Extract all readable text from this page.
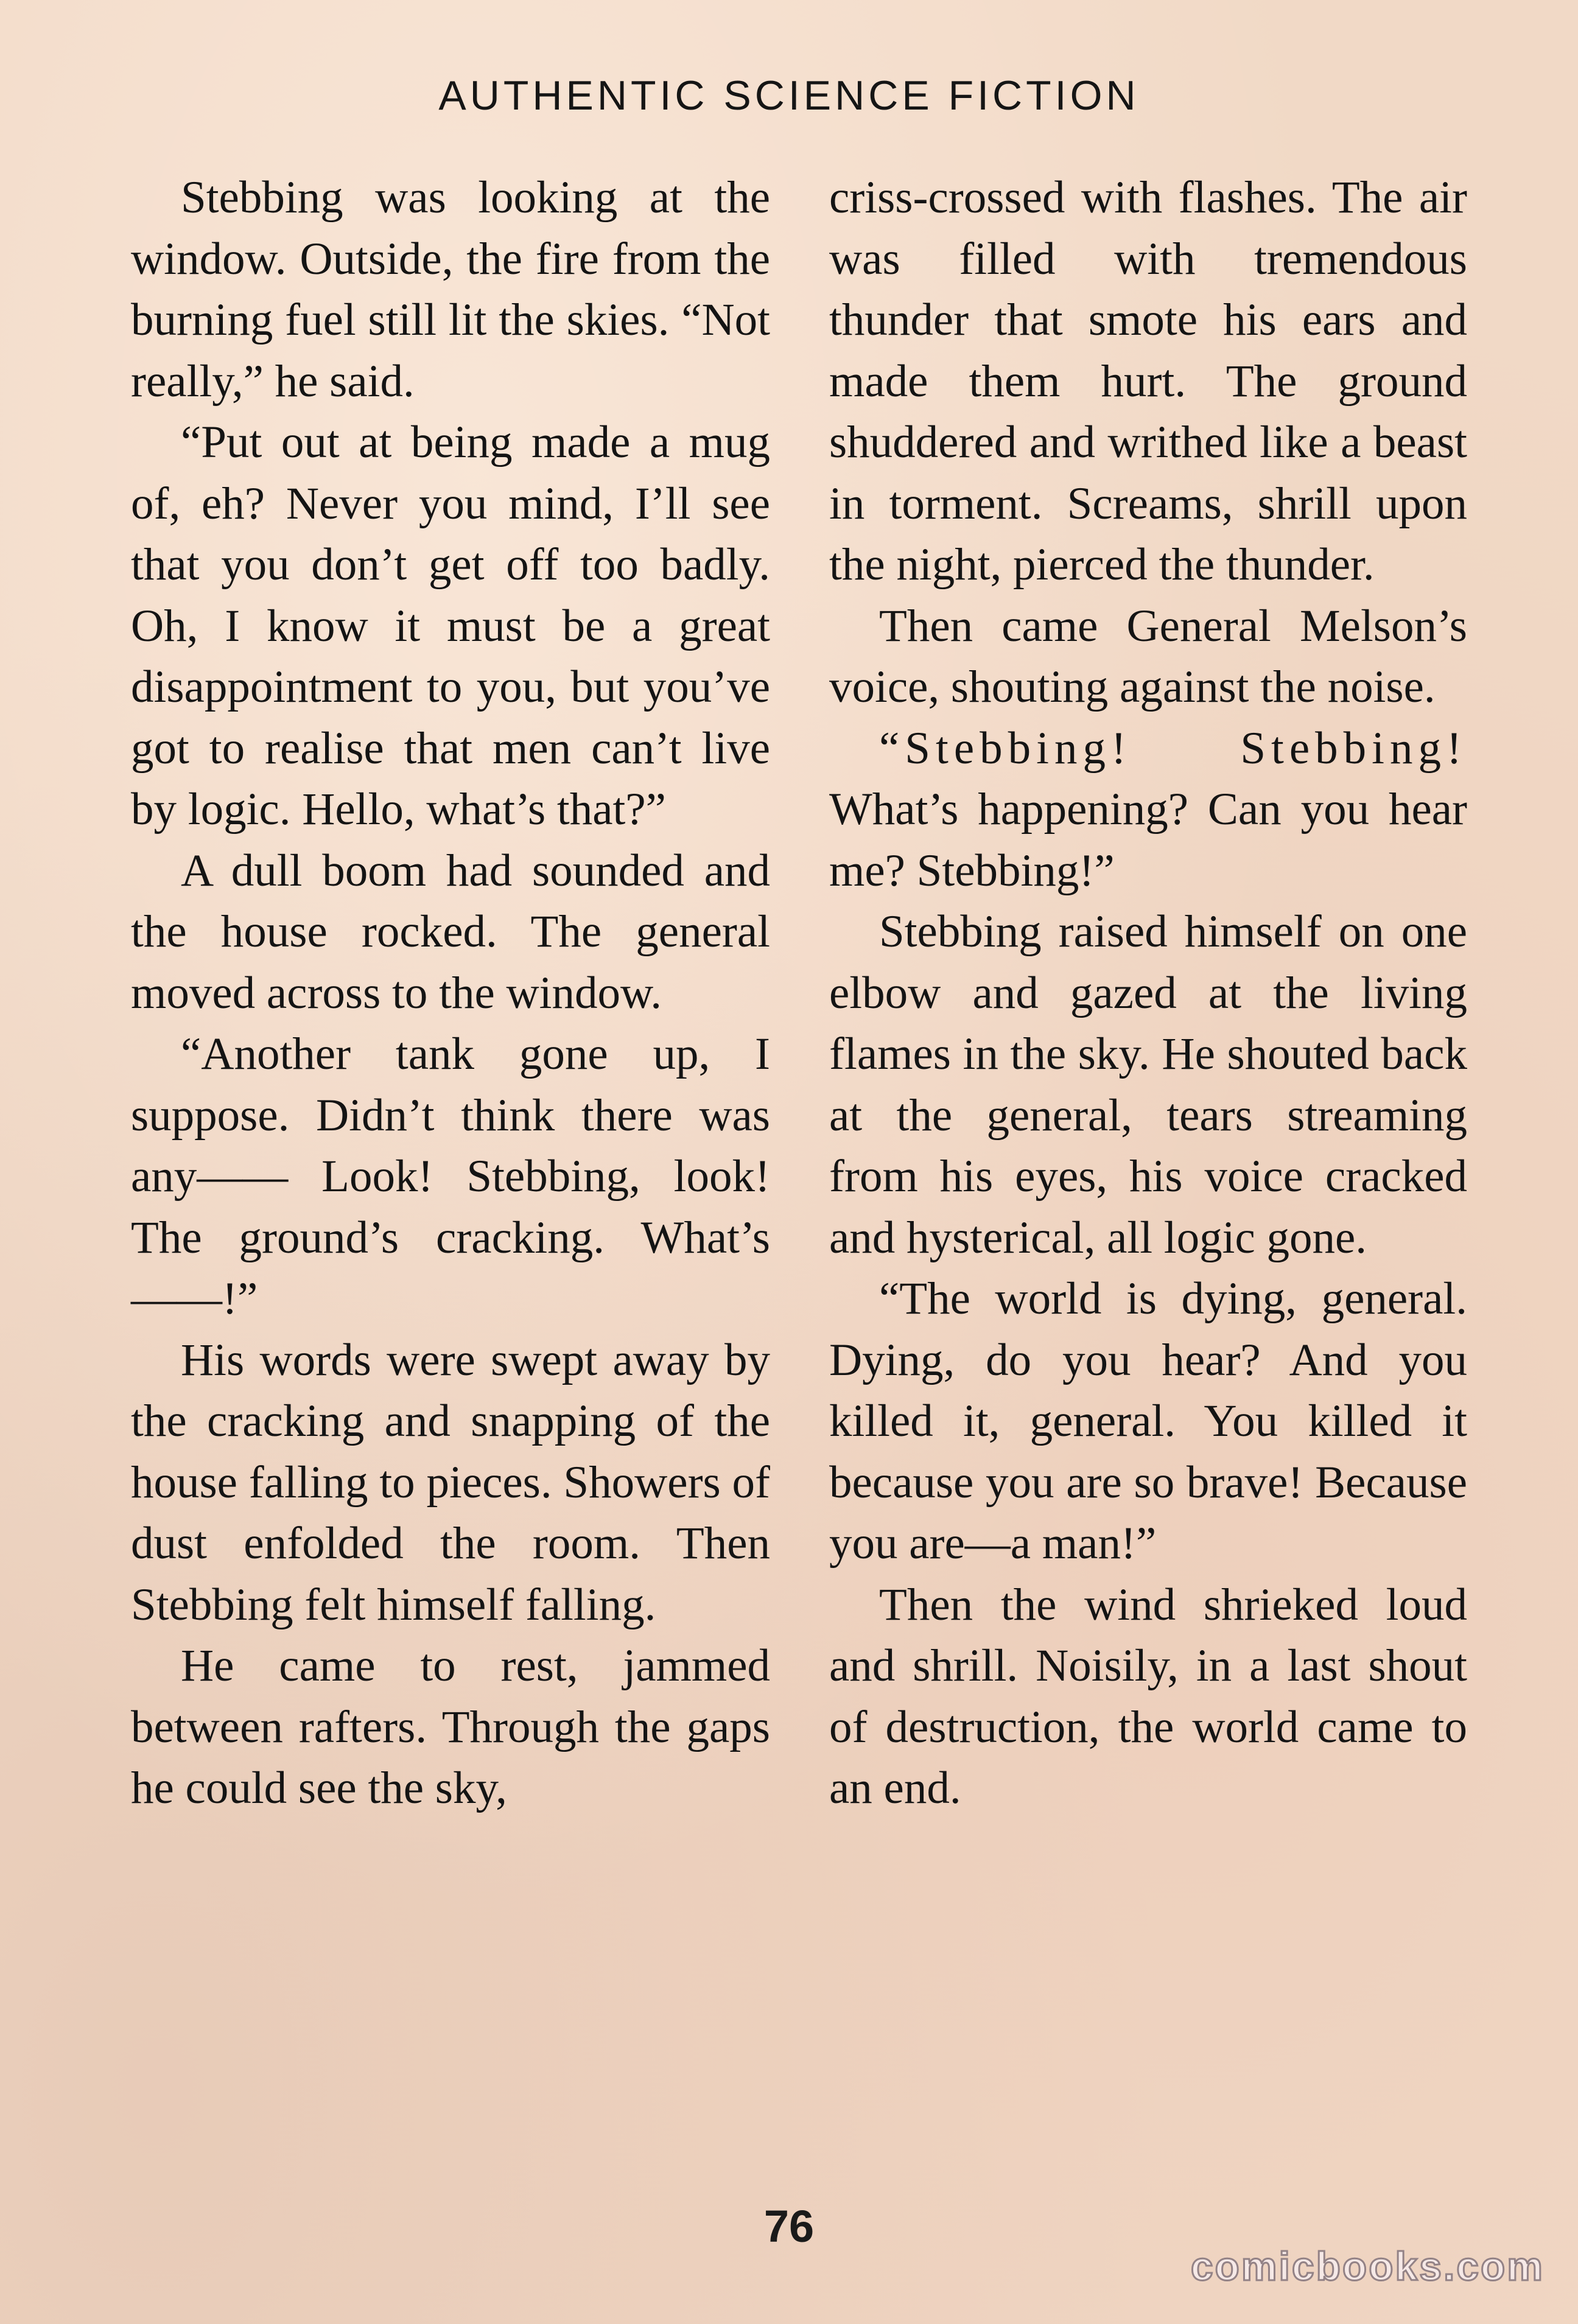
AUTHENTIC SCIENCE FICTION

Stebbing was looking at the window. Outside, the fire from the burning fuel still lit the skies. “Not really,” he said.

“Put out at being made a mug of, eh? Never you mind, I’ll see that you don’t get off too badly. Oh, I know it must be a great disappointment to you, but you’ve got to realise that men can’t live by logic. Hello, what’s that?”

A dull boom had sounded and the house rocked. The general moved across to the window.

“Another tank gone up, I suppose. Didn’t think there was any—— Look! Stebbing, look! The ground’s cracking. What’s——!”

His words were swept away by the cracking and snapping of the house falling to pieces. Showers of dust enfolded the room. Then Stebbing felt himself falling.

He came to rest, jammed between rafters. Through the gaps he could see the sky,

criss-crossed with flashes. The air was filled with tremendous thunder that smote his ears and made them hurt. The ground shuddered and writhed like a beast in torment. Screams, shrill upon the night, pierced the thunder.

Then came General Melson’s voice, shouting against the noise.

“Stebbing! Stebbing! What’s happening? Can you hear me? Stebbing!”

Stebbing raised himself on one elbow and gazed at the living flames in the sky. He shouted back at the general, tears streaming from his eyes, his voice cracked and hysterical, all logic gone.

“The world is dying, general. Dying, do you hear? And you killed it, general. You killed it because you are so brave! Because you are—a man!”

Then the wind shrieked loud and shrill. Noisily, in a last shout of destruction, the world came to an end.

76
comicbooks.com
